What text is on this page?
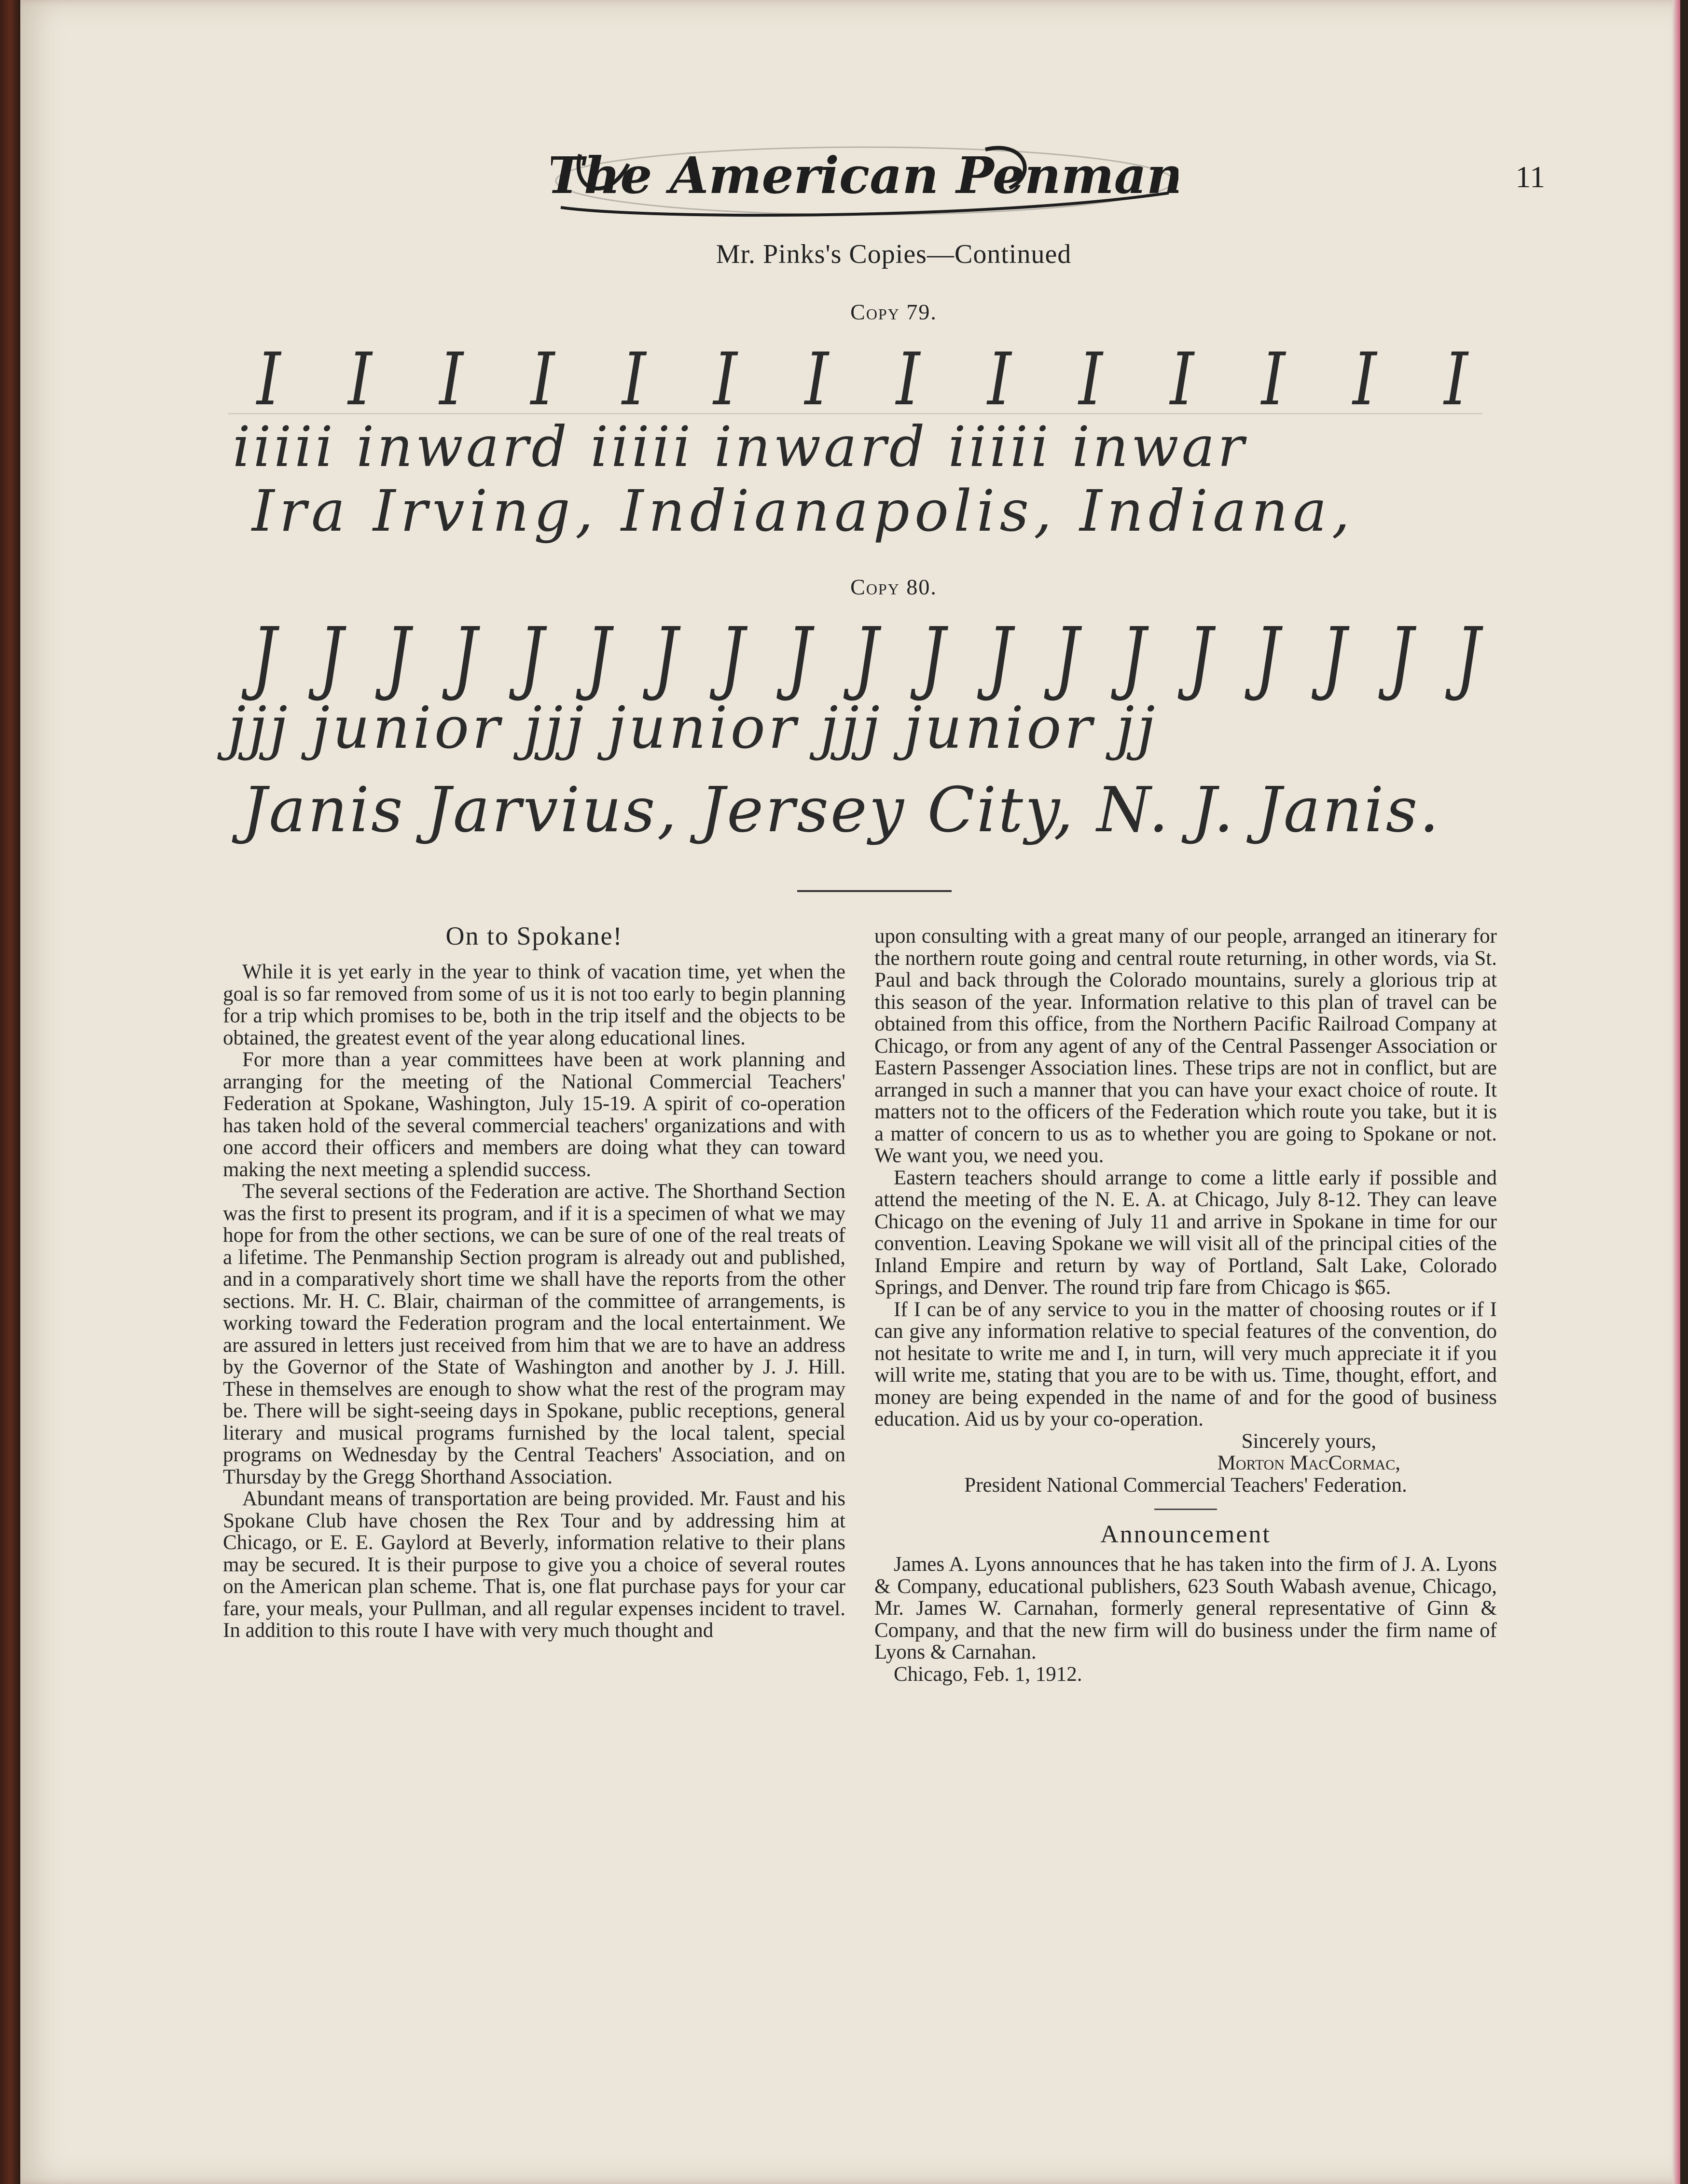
The American Penman	11
Mr. Pinks's Copies—Continued
Copy 79.
I I I I I I I I I I I I I I
iiiii inward iiiii inward iiiii inwar
Ira Irving, Indianapolis, Indiana,
Copy 80.
J J J J J J J J J J J J J J J J J J J
jjj junior jjj junior jjj junior jj
Janis Jarvius, Jersey City, N. J. Janis.

On to Spokane!

While it is yet early in the year to think of vacation time, yet when the goal is so far removed from some of us it is not too early to begin planning for a trip which promises to be, both in the trip itself and the objects to be obtained, the greatest event of the year along educational lines.

For more than a year committees have been at work planning and arranging for the meeting of the National Commercial Teachers' Federation at Spokane, Washington, July 15-19. A spirit of co-operation has taken hold of the several commercial teachers' organizations and with one accord their officers and members are doing what they can toward making the next meeting a splendid success.

The several sections of the Federation are active. The Shorthand Section was the first to present its program, and if it is a specimen of what we may hope for from the other sections, we can be sure of one of the real treats of a lifetime. The Penmanship Section program is already out and published, and in a comparatively short time we shall have the reports from the other sections. Mr. H. C. Blair, chairman of the committee of arrangements, is working toward the Federation program and the local entertainment. We are assured in letters just received from him that we are to have an address by the Governor of the State of Washington and another by J. J. Hill. These in themselves are enough to show what the rest of the program may be. There will be sight-seeing days in Spokane, public receptions, general literary and musical programs furnished by the local talent, special programs on Wednesday by the Central Teachers' Association, and on Thursday by the Gregg Shorthand Association.

Abundant means of transportation are being provided. Mr. Faust and his Spokane Club have chosen the Rex Tour and by addressing him at Chicago, or E. E. Gaylord at Beverly, information relative to their plans may be secured. It is their purpose to give you a choice of several routes on the American plan scheme. That is, one flat purchase pays for your car fare, your meals, your Pullman, and all regular expenses incident to travel. In addition to this route I have with very much thought and

upon consulting with a great many of our people, arranged an itinerary for the northern route going and central route returning, in other words, via St. Paul and back through the Colorado mountains, surely a glorious trip at this season of the year. Information relative to this plan of travel can be obtained from this office, from the Northern Pacific Railroad Company at Chicago, or from any agent of any of the Central Passenger Association or Eastern Passenger Association lines. These trips are not in conflict, but are arranged in such a manner that you can have your exact choice of route. It matters not to the officers of the Federation which route you take, but it is a matter of concern to us as to whether you are going to Spokane or not. We want you, we need you.

Eastern teachers should arrange to come a little early if possible and attend the meeting of the N. E. A. at Chicago, July 8-12. They can leave Chicago on the evening of July 11 and arrive in Spokane in time for our convention. Leaving Spokane we will visit all of the principal cities of the Inland Empire and return by way of Portland, Salt Lake, Colorado Springs, and Denver. The round trip fare from Chicago is $65.

If I can be of any service to you in the matter of choosing routes or if I can give any information relative to special features of the convention, do not hesitate to write me and I, in turn, will very much appreciate it if you will write me, stating that you are to be with us. Time, thought, effort, and money are being expended in the name of and for the good of business education. Aid us by your co-operation.

Sincerely yours,

Morton MacCormac,

President National Commercial Teachers' Federation.

Announcement

James A. Lyons announces that he has taken into the firm of J. A. Lyons & Company, educational publishers, 623 South Wabash avenue, Chicago, Mr. James W. Carnahan, formerly general representative of Ginn & Company, and that the new firm will do business under the firm name of Lyons & Carnahan.

Chicago, Feb. 1, 1912.
